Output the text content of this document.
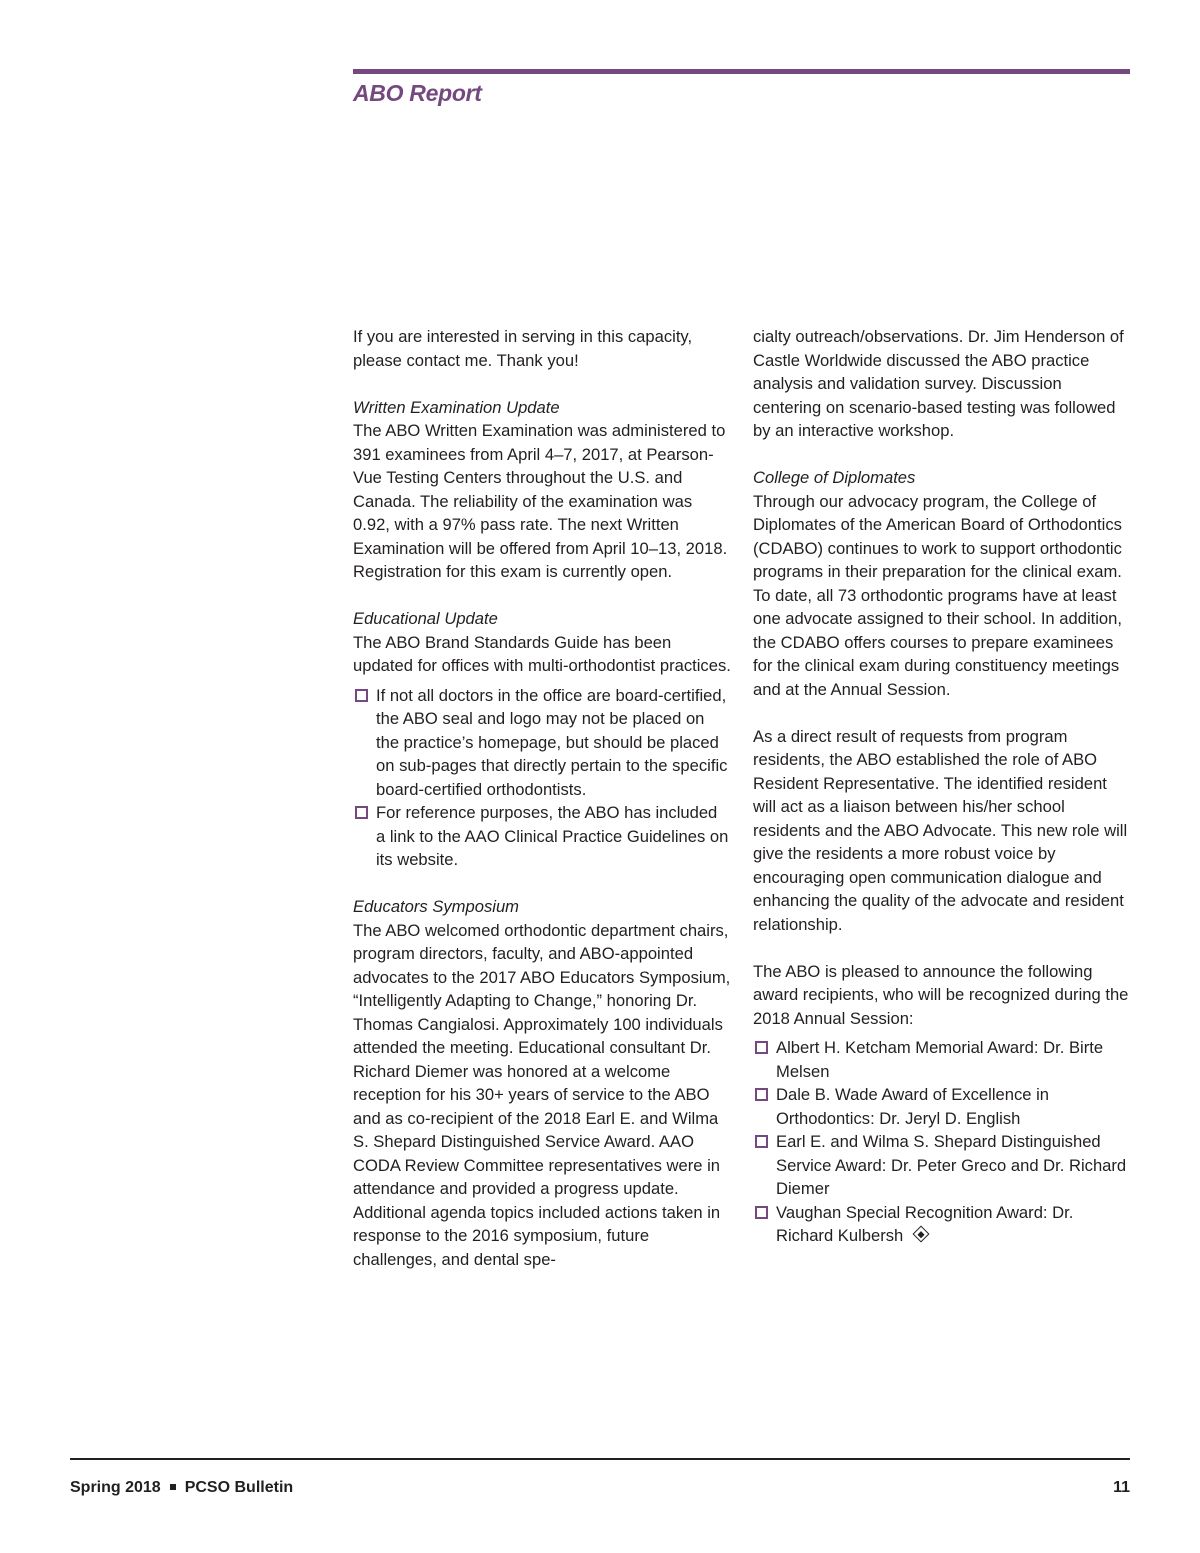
ABO Report

If you are interested in serving in this capacity, please contact me. Thank you!

Written Examination Update

The ABO Written Examination was administered to 391 examinees from April 4–7, 2017, at Pearson-Vue Testing Centers throughout the U.S. and Canada. The reliability of the examination was 0.92, with a 97% pass rate. The next Written Examination will be offered from April 10–13, 2018. Registration for this exam is currently open.

Educational Update

The ABO Brand Standards Guide has been updated for offices with multi-orthodontist practices.

If not all doctors in the office are board-certified, the ABO seal and logo may not be placed on the practice’s homepage, but should be placed on sub-pages that directly pertain to the specific board-certified orthodontists.
For reference purposes, the ABO has included a link to the AAO Clinical Practice Guidelines on its website.

Educators Symposium

The ABO welcomed orthodontic department chairs, program directors, faculty, and ABO-appointed advocates to the 2017 ABO Educators Symposium, “Intelligently Adapting to Change,” honoring Dr. Thomas Cangialosi. Approximately 100 individuals attended the meeting. Educational consultant Dr. Richard Diemer was honored at a welcome reception for his 30+ years of service to the ABO and as co-recipient of the 2018 Earl E. and Wilma S. Shepard Distinguished Service Award. AAO CODA Review Committee representatives were in attendance and provided a progress update. Additional agenda topics included actions taken in response to the 2016 symposium, future challenges, and dental spe-

cialty outreach/observations. Dr. Jim Henderson of Castle Worldwide discussed the ABO practice analysis and validation survey. Discussion centering on scenario-based testing was followed by an interactive workshop.

College of Diplomates

Through our advocacy program, the College of Diplomates of the American Board of Orthodontics (CDABO) continues to work to support orthodontic programs in their preparation for the clinical exam. To date, all 73 orthodontic programs have at least one advocate assigned to their school. In addition, the CDABO offers courses to prepare examinees for the clinical exam during constituency meetings and at the Annual Session.

As a direct result of requests from program residents, the ABO established the role of ABO Resident Representative. The identified resident will act as a liaison between his/her school residents and the ABO Advocate. This new role will give the residents a more robust voice by encouraging open communication dialogue and enhancing the quality of the advocate and resident relationship.

The ABO is pleased to announce the following award recipients, who will be recognized during the 2018 Annual Session:

Albert H. Ketcham Memorial Award: Dr. Birte Melsen
Dale B. Wade Award of Excellence in Orthodontics: Dr. Jeryl D. English
Earl E. and Wilma S. Shepard Distinguished Service Award: Dr. Peter Greco and Dr. Richard Diemer
Vaughan Special Recognition Award: Dr. Richard Kulbersh
Spring 2018 PCSO Bulletin	11
